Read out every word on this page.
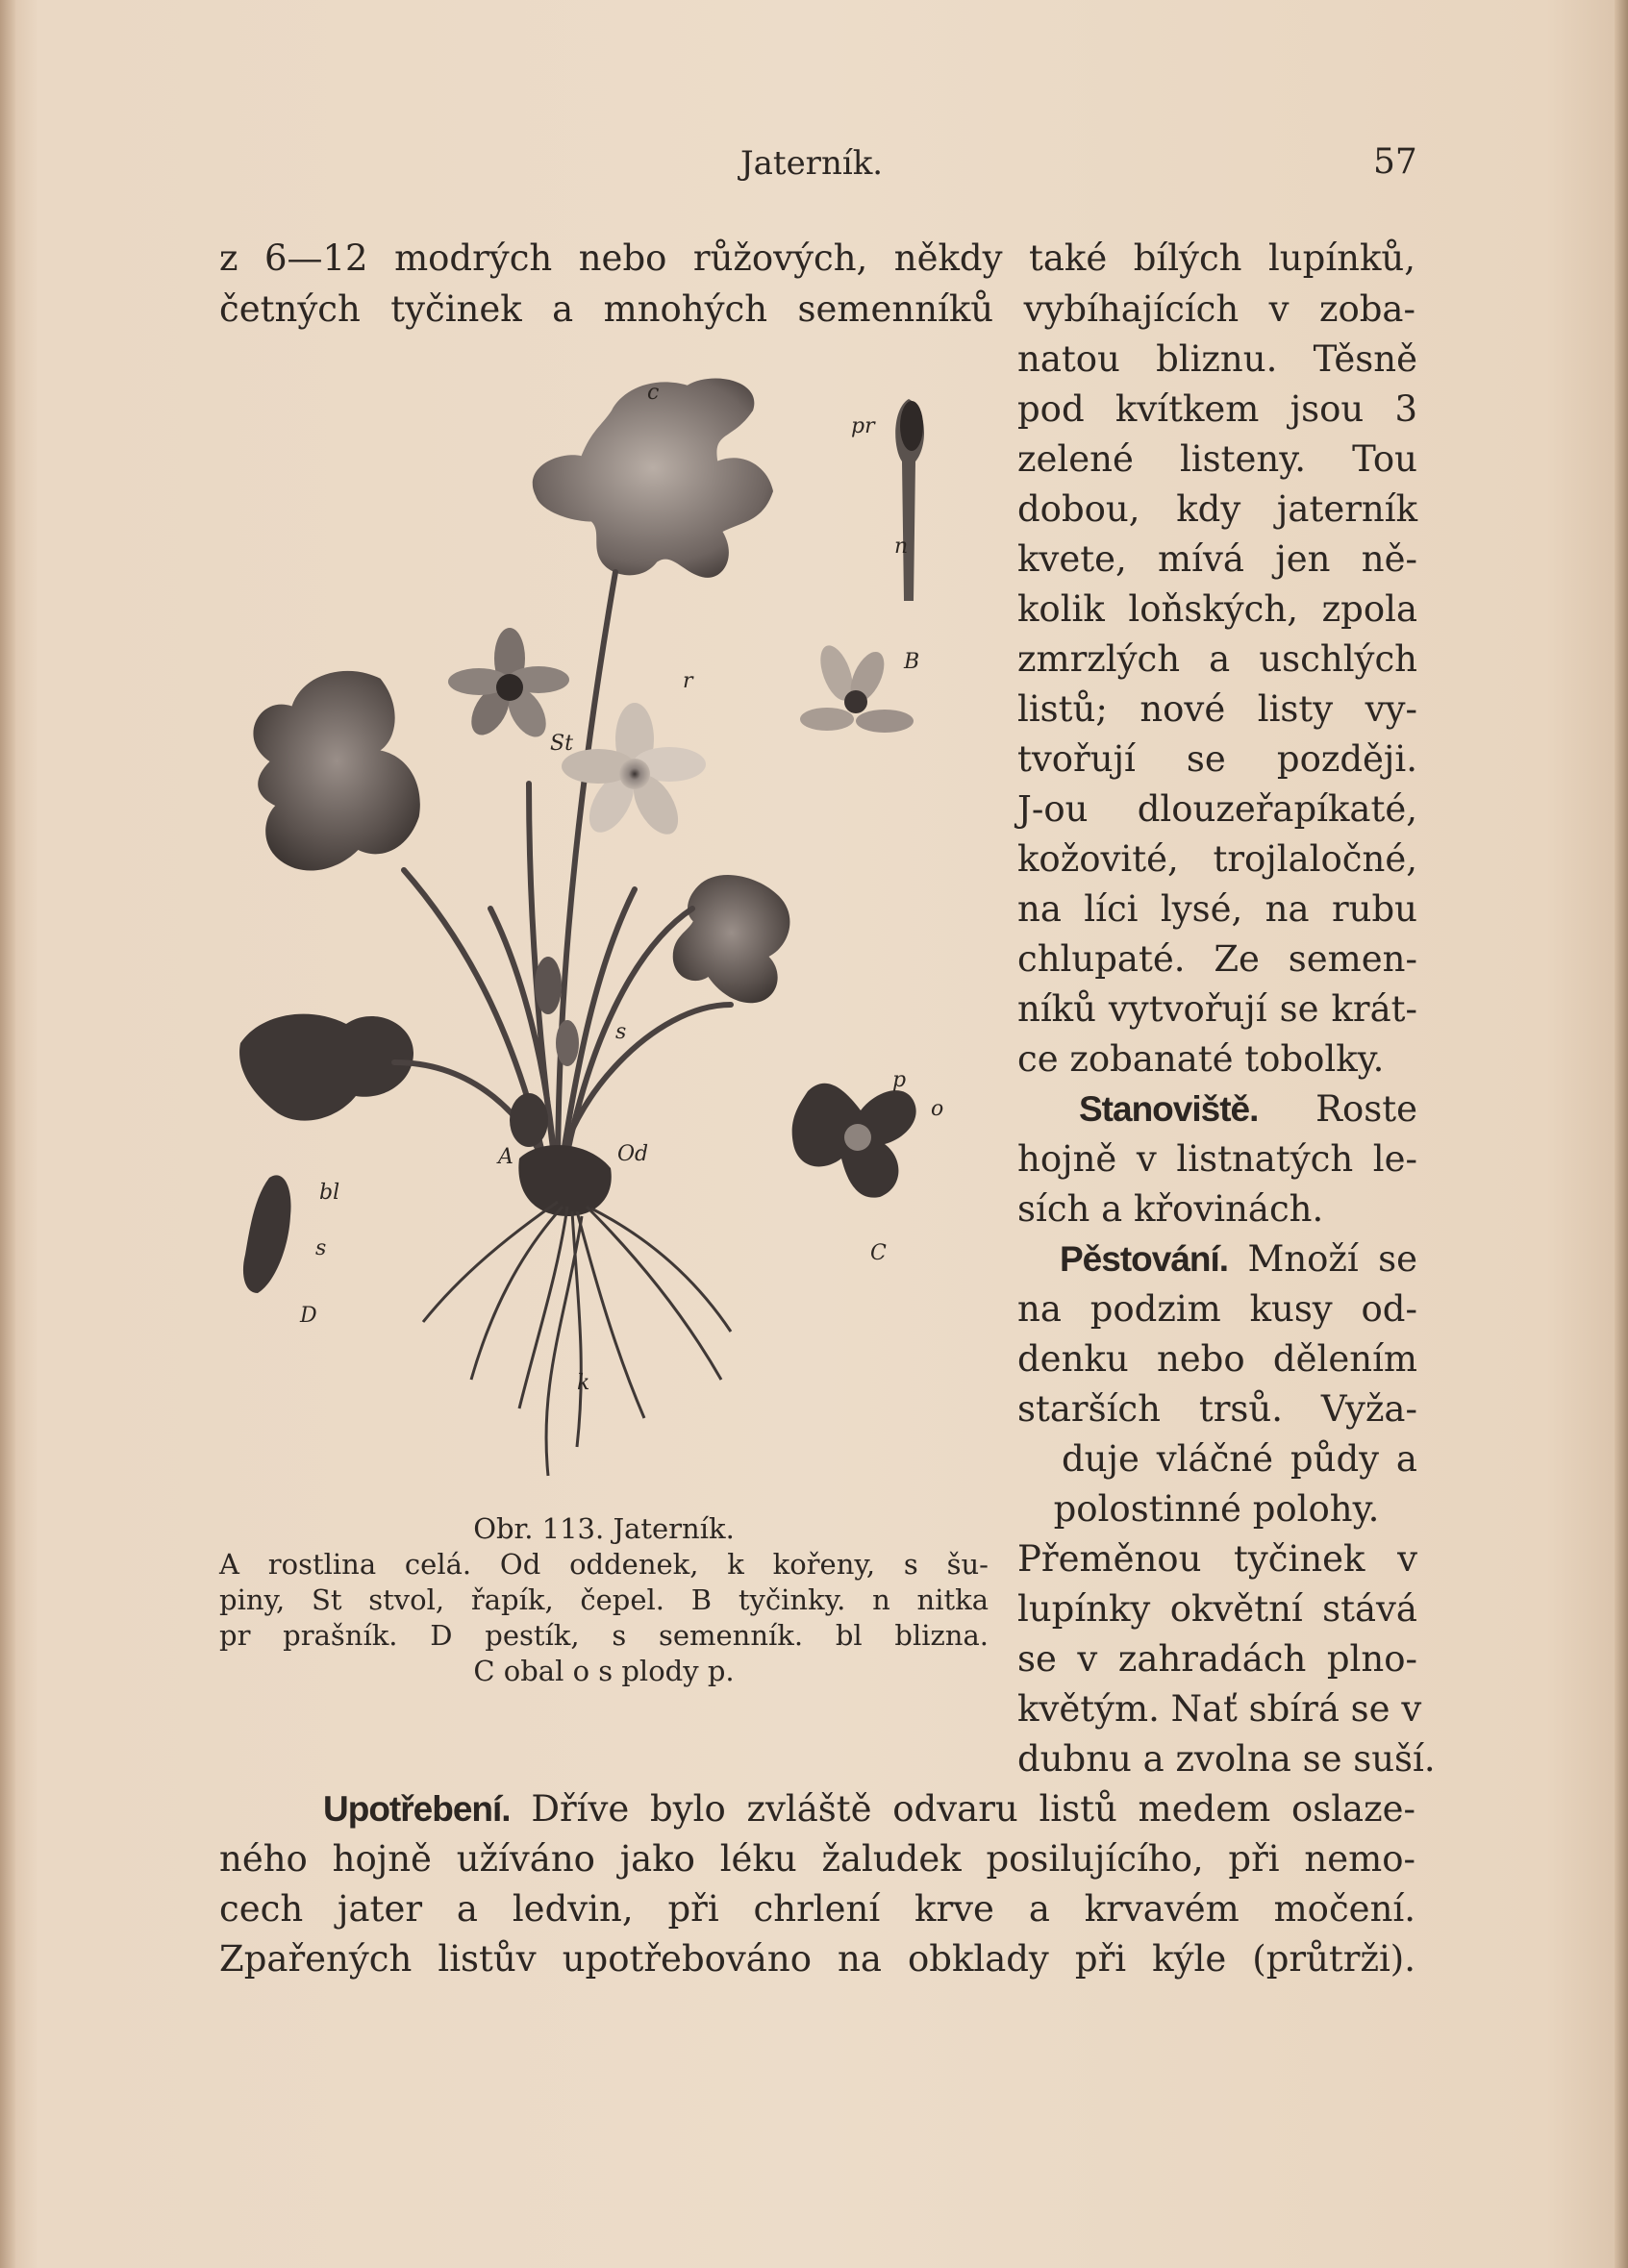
Jaterník.	57
z 6—12 modrých nebo růžových, někdy také bílých lupínků,
četných tyčinek a mnohých semenníků vybíhajících v zoba-
natou bliznu. Těsně
pod kvítkem jsou 3
zelené listeny. Tou
dobou, kdy jaterník
kvete, mívá jen ně-
kolik loňských, zpola
zmrzlých a uschlých
listů; nové listy vy-
tvořují se později.
J-ou dlouzeřapíkaté,
kožovité, trojlaločné,
na líci lysé, na rubu
chlupaté. Ze semen-
níků vytvořují se krát-
ce zobanaté tobolky.
Stanoviště. Roste
hojně v listnatých le-
sích a křovinách.
Pěstování. Množí se
na podzim kusy od-
denku nebo dělením
starších trsů. Vyža-
duje vláčné půdy a
polostinné polohy.
Přeměnou tyčinek v
lupínky okvětní stává
se v zahradách plno-
květým. Nať sbírá se v
dubnu a zvolna se suší.
Upotřebení. Dříve bylo zvláště odvaru listů medem oslaze-
ného hojně užíváno jako léku žaludek posilujícího, při nemo-
cech jater a ledvin, při chrlení krve a krvavém močení.
Zpařených listův upotřebováno na obklady při kýle (průtrži).
c
pr
n
r
B
St
s
A	Od
bl
s
D
k
p
o
C
Obr. 113. Jaterník.
A rostlina celá. Od oddenek, k kořeny, s šu-
piny, St stvol, řapík, čepel. B tyčinky. n nitka
pr prašník. D pestík, s semenník. bl blizna.
C obal o s plody p.
